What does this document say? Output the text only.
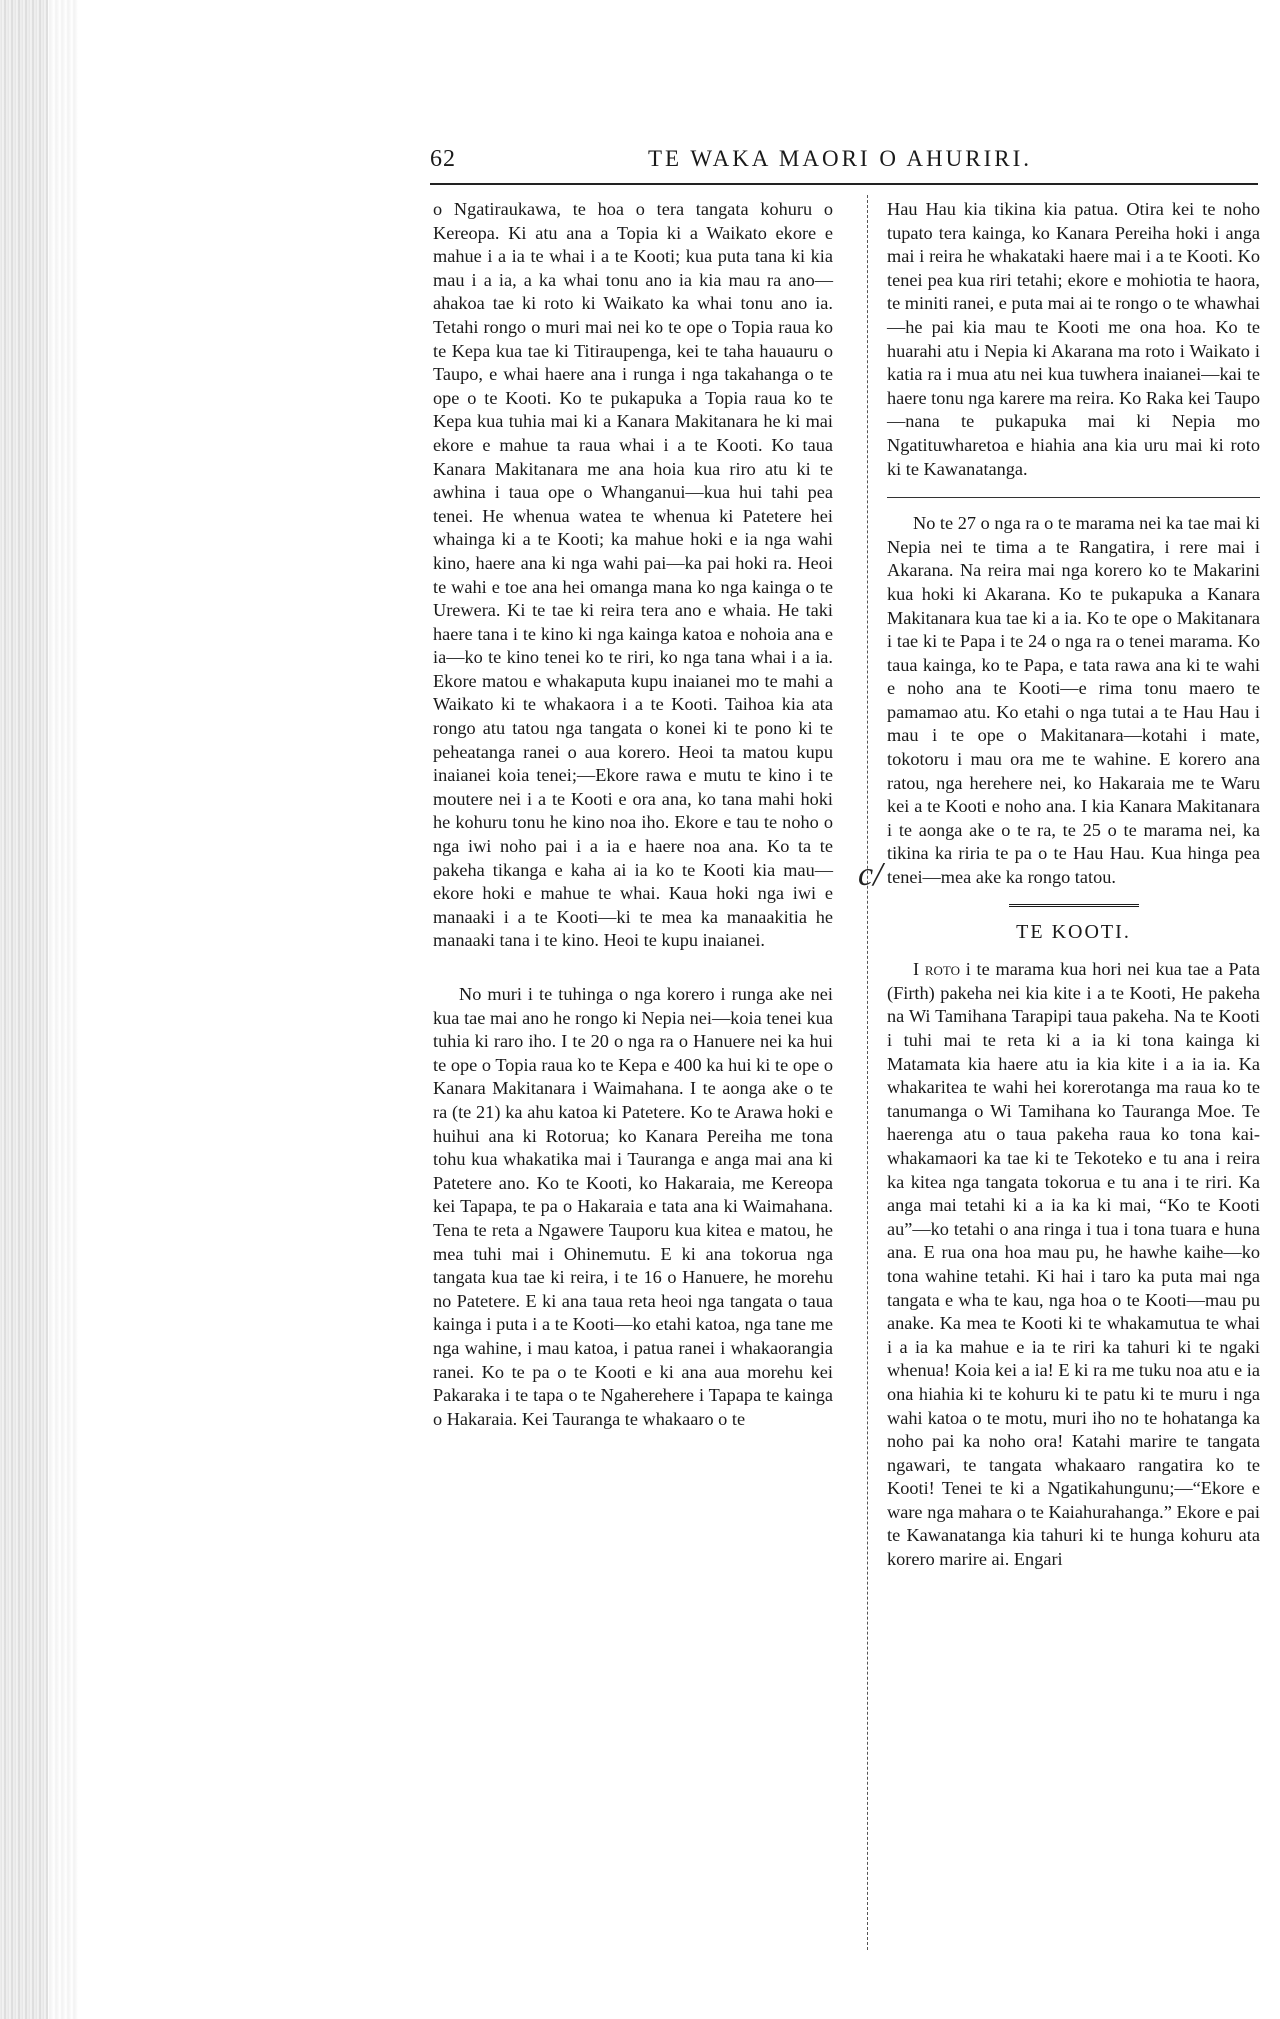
62	TE WAKA MAORI O AHURIRI.

o Ngatiraukawa, te hoa o tera tangata kohuru o Kereopa. Ki atu ana a Topia ki a Waikato ekore e mahue i a ia te whai i a te Kooti; kua puta tana ki kia mau i a ia, a ka whai tonu ano ia kia mau ra ano—ahakoa tae ki roto ki Waikato ka whai tonu ano ia. Tetahi rongo o muri mai nei ko te ope o Topia raua ko te Kepa kua tae ki Titiraupenga, kei te taha hauauru o Taupo, e whai haere ana i runga i nga takahanga o te ope o te Kooti. Ko te pukapuka a Topia raua ko te Kepa kua tuhia mai ki a Kanara Makitanara he ki mai ekore e mahue ta raua whai i a te Kooti. Ko taua Kanara Makitanara me ana hoia kua riro atu ki te awhina i taua ope o Whanganui—kua hui tahi pea tenei. He whenua watea te whenua ki Patetere hei whainga ki a te Kooti; ka mahue hoki e ia nga wahi kino, haere ana ki nga wahi pai—ka pai hoki ra. Heoi te wahi e toe ana hei omanga mana ko nga kainga o te Urewera. Ki te tae ki reira tera ano e whaia. He taki haere tana i te kino ki nga kainga katoa e nohoia ana e ia—ko te kino tenei ko te riri, ko nga tana whai i a ia. Ekore matou e whakaputa kupu inaianei mo te mahi a Waikato ki te whakaora i a te Kooti. Taihoa kia ata rongo atu tatou nga tangata o konei ki te pono ki te peheatanga ranei o aua korero. Heoi ta matou kupu inaianei koia tenei;—Ekore rawa e mutu te kino i te moutere nei i a te Kooti e ora ana, ko tana mahi hoki he kohuru tonu he kino noa iho. Ekore e tau te noho o nga iwi noho pai i a ia e haere noa ana. Ko ta te pakeha tikanga e kaha ai ia ko te Kooti kia mau—ekore hoki e mahue te whai. Kaua hoki nga iwi e manaaki i a te Kooti—ki te mea ka manaakitia he manaaki tana i te kino. Heoi te kupu inaianei.

No muri i te tuhinga o nga korero i runga ake nei kua tae mai ano he rongo ki Nepia nei—koia tenei kua tuhia ki raro iho. I te 20 o nga ra o Hanuere nei ka hui te ope o Topia raua ko te Kepa e 400 ka hui ki te ope o Kanara Makitanara i Waimahana. I te aonga ake o te ra (te 21) ka ahu katoa ki Patetere. Ko te Arawa hoki e huihui ana ki Rotorua; ko Kanara Pereiha me tona tohu kua whakatika mai i Tauranga e anga mai ana ki Patetere ano. Ko te Kooti, ko Hakaraia, me Kereopa kei Tapapa, te pa o Hakaraia e tata ana ki Waimahana. Tena te reta a Ngawere Tauporu kua kitea e matou, he mea tuhi mai i Ohinemutu. E ki ana tokorua nga tangata kua tae ki reira, i te 16 o Hanuere, he morehu no Patetere. E ki ana taua reta heoi nga tangata o taua kainga i puta i a te Kooti—ko etahi katoa, nga tane me nga wahine, i mau katoa, i patua ranei i whakaorangia ranei. Ko te pa o te Kooti e ki ana aua morehu kei Pakaraka i te tapa o te Ngaherehere i Tapapa te kainga o Hakaraia. Kei Tauranga te whakaaro o te

c/

Hau Hau kia tikina kia patua. Otira kei te noho tupato tera kainga, ko Kanara Pereiha hoki i anga mai i reira he whakataki haere mai i a te Kooti. Ko tenei pea kua riri tetahi; ekore e mohiotia te haora, te miniti ranei, e puta mai ai te rongo o te whawhai—he pai kia mau te Kooti me ona hoa. Ko te huarahi atu i Nepia ki Akarana ma roto i Waikato i katia ra i mua atu nei kua tuwhera inaianei—kai te haere tonu nga karere ma reira. Ko Raka kei Taupo—nana te pukapuka mai ki Nepia mo Ngatituwharetoa e hiahia ana kia uru mai ki roto ki te Kawanatanga.

No te 27 o nga ra o te marama nei ka tae mai ki Nepia nei te tima a te Rangatira, i rere mai i Akarana. Na reira mai nga korero ko te Makarini kua hoki ki Akarana. Ko te pukapuka a Kanara Makitanara kua tae ki a ia. Ko te ope o Makitanara i tae ki te Papa i te 24 o nga ra o tenei marama. Ko taua kainga, ko te Papa, e tata rawa ana ki te wahi e noho ana te Kooti—e rima tonu maero te pamamao atu. Ko etahi o nga tutai a te Hau Hau i mau i te ope o Makitanara—kotahi i mate, tokotoru i mau ora me te wahine. E korero ana ratou, nga herehere nei, ko Hakaraia me te Waru kei a te Kooti e noho ana. I kia Kanara Makitanara i te aonga ake o te ra, te 25 o te marama nei, ka tikina ka riria te pa o te Hau Hau. Kua hinga pea tenei—mea ake ka rongo tatou.

TE KOOTI.

I roto i te marama kua hori nei kua tae a Pata (Firth) pakeha nei kia kite i a te Kooti, He pakeha na Wi Tamihana Tarapipi taua pakeha. Na te Kooti i tuhi mai te reta ki a ia ki tona kainga ki Matamata kia haere atu ia kia kite i a ia ia. Ka whakaritea te wahi hei korerotanga ma raua ko te tanumanga o Wi Tamihana ko Tauranga Moe. Te haerenga atu o taua pakeha raua ko tona kai-whakamaori ka tae ki te Tekoteko e tu ana i reira ka kitea nga tangata tokorua e tu ana i te riri. Ka anga mai tetahi ki a ia ka ki mai, “Ko te Kooti au”—ko tetahi o ana ringa i tua i tona tuara e huna ana. E rua ona hoa mau pu, he hawhe kaihe—ko tona wahine tetahi. Ki hai i taro ka puta mai nga tangata e wha te kau, nga hoa o te Kooti—mau pu anake. Ka mea te Kooti ki te whakamutua te whai i a ia ka mahue e ia te riri ka tahuri ki te ngaki whenua! Koia kei a ia! E ki ra me tuku noa atu e ia ona hiahia ki te kohuru ki te patu ki te muru i nga wahi katoa o te motu, muri iho no te hohatanga ka noho pai ka noho ora! Katahi marire te tangata ngawari, te tangata whakaaro rangatira ko te Kooti! Tenei te ki a Ngatikahungunu;—“Ekore e ware nga mahara o te Kaiahurahanga.” Ekore e pai te Kawanatanga kia tahuri ki te hunga kohuru ata korero marire ai. Engari
